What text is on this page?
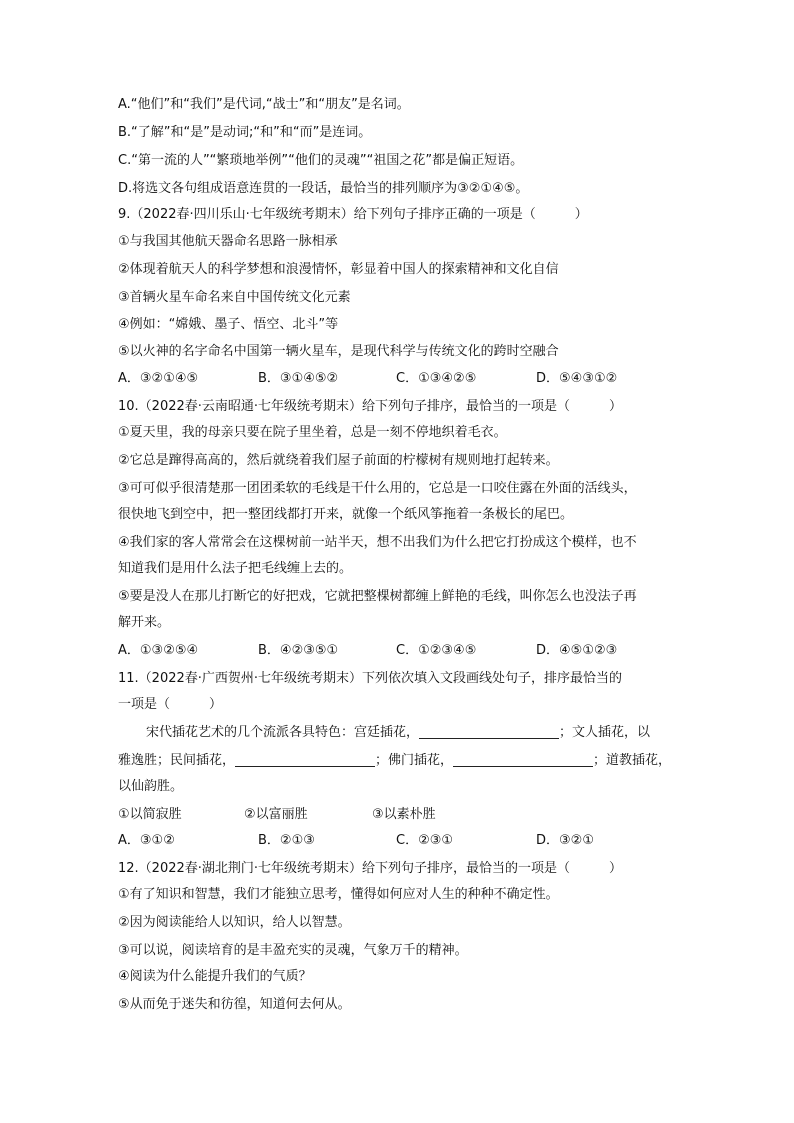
A.“他们”和“我们”是代词,“战士”和“朋友”是名词。
B.“了解”和“是”是动词;“和”和“而”是连词。
C.“第一流的人”“繁琐地举例”“他们的灵魂”“祖国之花”都是偏正短语。
D.将选文各句组成语意连贯的一段话，最恰当的排列顺序为③②①④⑤。
9.（2022春·四川乐山·七年级统考期末）给下列句子排序正确的一项是（　　　）
①与我国其他航天器命名思路一脉相承
②体现着航天人的科学梦想和浪漫情怀，彰显着中国人的探索精神和文化自信
③首辆火星车命名来自中国传统文化元素
④例如：“嫦娥、墨子、悟空、北斗”等
⑤以火神的名字命名中国第一辆火星车，是现代科学与传统文化的跨时空融合
A．③②①④⑤	B．③①④⑤②	C．①③④②⑤	D．⑤④③①②
10.（2022春·云南昭通·七年级统考期末）给下列句子排序，最恰当的一项是（　　　）
①夏天里，我的母亲只要在院子里坐着，总是一刻不停地织着毛衣。
②它总是蹿得高高的，然后就绕着我们屋子前面的柠檬树有规则地打起转来。
③可可似乎很清楚那一团团柔软的毛线是干什么用的，它总是一口咬住露在外面的活线头，
很快地飞到空中，把一整团线都打开来，就像一个纸风筝拖着一条极长的尾巴。
④我们家的客人常常会在这棵树前一站半天，想不出我们为什么把它打扮成这个模样，也不
知道我们是用什么法子把毛线缠上去的。
⑤要是没人在那儿打断它的好把戏，它就把整棵树都缠上鲜艳的毛线，叫你怎么也没法子再
解开来。
A．①③②⑤④	B．④②③⑤①	C．①②③④⑤	D．④⑤①②③
11.（2022春·广西贺州·七年级统考期末）下列依次填入文段画线处句子，排序最恰当的
一项是（　　　）
宋代插花艺术的几个流派各具特色：宫廷插花，	；文人插花，以
雅逸胜；民间插花，	；佛门插花，	；道教插花，
以仙韵胜。
①以简寂胜	②以富丽胜	③以素朴胜
A．③①②	B．②①③	C．②③①	D．③②①
12.（2022春·湖北荆门·七年级统考期末）给下列句子排序，最恰当的一项是（　　　）
①有了知识和智慧，我们才能独立思考，懂得如何应对人生的种种不确定性。
②因为阅读能给人以知识，给人以智慧。
③可以说，阅读培育的是丰盈充实的灵魂，气象万千的精神。
④阅读为什么能提升我们的气质？
⑤从而免于迷失和彷徨，知道何去何从。
